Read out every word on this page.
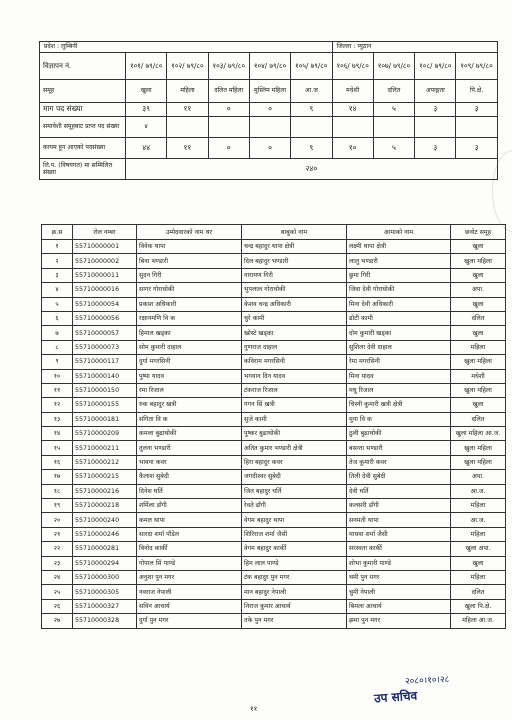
प्रदेश : लुम्बिनी						जिल्ला : प्युठान			
विज्ञापन नं.	१०१/ ७९/८०	१०२/ ७९/८०	१०३/ ७९/८०	१०४/ ७९/८०	१०५/ ७९/८०	१०६/ ७९/८०	१०७/ ७९/८०	१०८/ ७९/८०	१०९/ ७९/८०
समूह	खुला	महिला	दलित महिला	मुस्लिम महिला	आ.ज	मधेशी	दलित	अपाङ्गता	पि.क्षे.
माग पद संख्या	३९	११	०	०	९	१४	५	३	३
समावेशी समूहबाट प्राप्त पद संख्या	४								
कायम हुन आएको पदसंख्या	४४	११	०	०	९	१०	५	३	३
लि.प. (विषयगत) मा सम्मिलित संख्या	२४०								
क्र.स	रोल नम्बर	उम्मेदवारको नाम थर	बाबुको नाम	आमाको नाम	छनोट समूह
१	55710000001	विवेक थापा	चन्द्र बहादुर थापा क्षेत्री	लक्ष्मी थापा क्षेत्री	खुला
२	55710000002	बिना भण्डारी	दिल बहादुर भण्डारी	लालु भण्डारी	खुला महिला
३	55710000011	सुदन गिरी	नारायण गिरी	छुमा गिरी	खुला
४	55710000016	सागर गोराधोकी	भुपलाल गोराधोकी	जिवा देवी गोराधोकी	अपा.
५	55710000054	प्रकाश अधिकारी	केशव चन्द्र अधिकारी	मिना देवी अधिकारी	खुला
६	55710000056	रक्षानमणि वि क	चुरे कामी	ढोटी कामी	दलित
७	55710000057	हिमाल खड्का	खोस्टे खड्का	दोम कुमारी खड्का	खुला
८	55710000073	सोम कुमारी दाहाल	गुणराज दाहाल	सुशिला देवी दाहाल	महिला
९	55710000117	दुर्गा मगरसिनी	कविराम मगरसिनी	रेमा मगरसिनी	खुला महिला
१०	55710000140	पुष्पा यादव	भगवान दिन यादव	मिना यादव	मधेशी
११	55710000150	रमा रिजाल	टंकराज रिजाल	मधु रिजाल	खुला महिला
१२	55710000155	रुक बहादुर खत्री	गगन सिं खत्री	चिस्नी कुमारी खत्री क्षेत्री	खुला
१३	55710000181	संगिता वि क	सुजे कामी	मुना वि क	दलित
१४	55710000209	कमला बुढाथोकी	पुष्कर बुढाथोकी	ठुली बुढाथोकी	खुला महिला आ.ज.
१५	55710000211	तुलना भण्डारी	अतित कुमार भण्डारी क्षेत्री	बसन्ता भण्डारी	खुला महिला
१६	55710000212	भावना कवर	हिरा बहादुर कवर	तेज कुमारी कवर	खुला महिला
१७	55710000215	कैलाश सुबेदी	जगदीश्वर सुबेदी	तिली देवी सुबेदी	अपा.
१८	55710000216	दिनेश घर्ति	जित बहादुर घर्ति	देवी घर्ति	आ.ज.
१९	55710000218	शर्मिला डाँगी	रेवते डाँगी	कलसरी डाँगी	महिला
२०	55710000240	कमल थापा	वेगम बहादुर थापा	सनमती थापा	आ.ज.
२१	55710000246	सारदा शर्मा पौडेल	शिरिराज शर्मा जैसी	माधवा शर्मा जैसी	महिला
२२	55710000281	विनोद कार्की	वेगम बहादुर कार्की	सरस्वता कार्की	खुला अपा.
२३	55710000294	गोपाल सिं पाण्डे	हिम लाल पाण्डे	शोभा कुमारी पाण्डे	खुला
२४	55710000300	अनुशा पुन मगर	टंक बहादुर पुन मगर	थमी पुन मगर	महिला
२५	55710000305	नवराज नेपाली	मान बहादुर नेपाली	चुमी नेपाली	दलित
२६	55710000327	सविन आचार्य	निराज कुमार आचार्य	बिमला आचार्य	खुला पि.क्षे.
२७	55710000328	दुर्गा पुन मगर	तके पुन मगर	झमा पुन मगर	महिला आ.ज.
२०८०।१०।२८
उप सचिव
११
